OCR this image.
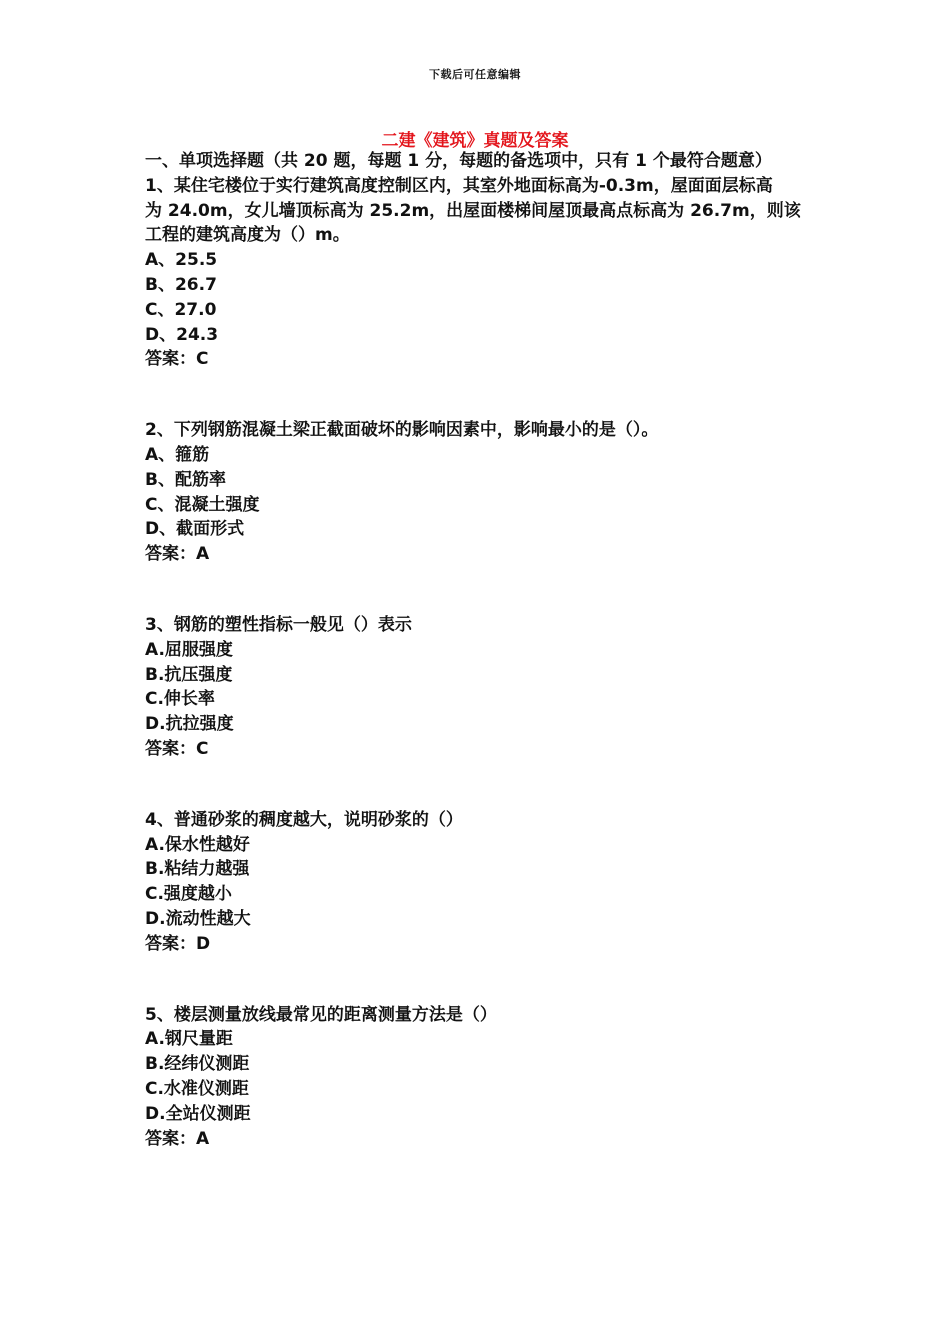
下载后可任意编辑
二建《建筑》真题及答案
一、单项选择题（共 20 题，每题 1 分，每题的备选项中，只有 1 个最符合题意）
1、某住宅楼位于实行建筑高度控制区内，其室外地面标高为-0.3m，屋面面层标高
为 24.0m，女儿墙顶标高为 25.2m，出屋面楼梯间屋顶最高点标高为 26.7m，则该
工程的建筑高度为（）m。
A、25.5
B、26.7
C、27.0
D、24.3
答案：C
2、下列钢筋混凝土梁正截面破坏的影响因素中，影响最小的是（）。
A、箍筋
B、配筋率
C、混凝土强度
D、截面形式
答案：A
3、钢筋的塑性指标一般见（）表示
A.屈服强度
B.抗压强度
C.伸长率
D.抗拉强度
答案：C
4、普通砂浆的稠度越大，说明砂浆的（）
A.保水性越好
B.粘结力越强
C.强度越小
D.流动性越大
答案：D
5、楼层测量放线最常见的距离测量方法是（）
A.钢尺量距
B.经纬仪测距
C.水准仪测距
D.全站仪测距
答案：A
